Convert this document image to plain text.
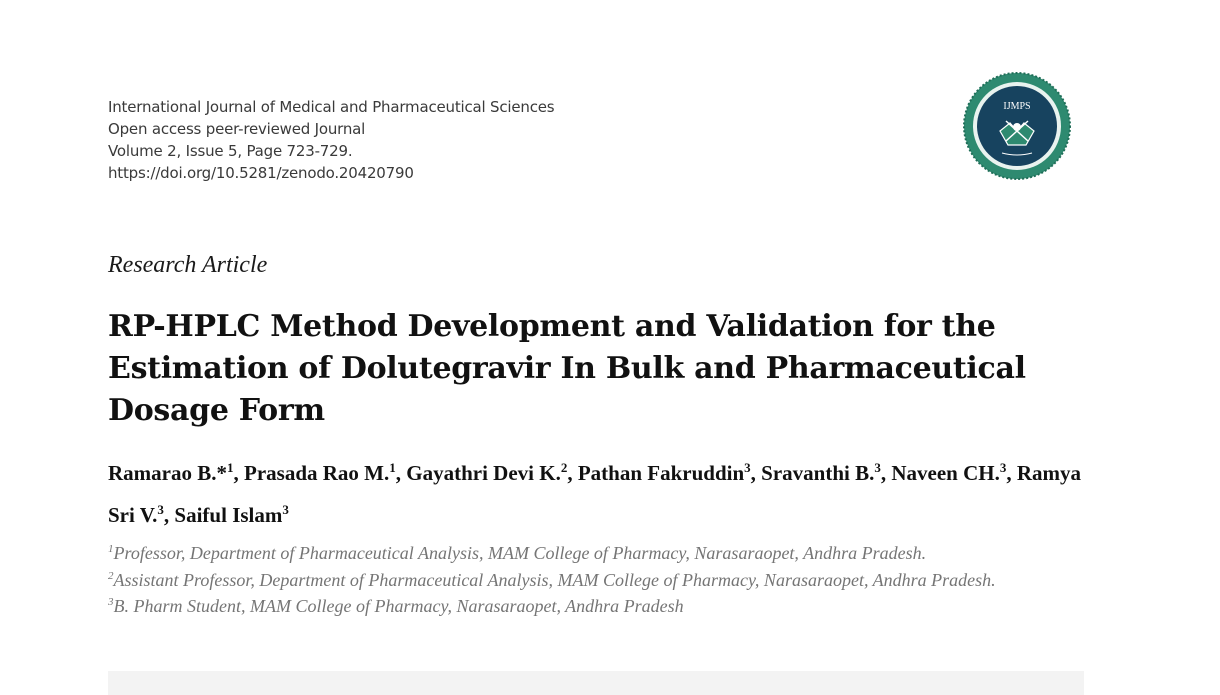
International Journal of Medical and Pharmaceutical Sciences
Open access peer-reviewed Journal
Volume 2, Issue 5, Page 723-729.
https://doi.org/10.5281/zenodo.20420790
IJMPS
Research Article
RP-HPLC Method Development and Validation for the Estimation of Dolutegravir In Bulk and Pharmaceutical Dosage Form
Ramarao B.*$^1$, Prasada Rao M.$^1$, Gayathri Devi K.$^2$, Pathan Fakruddin$^3$, Sravanthi B.$^3$, Naveen CH.$^3$, Ramya Sri V.$^3$, Saiful Islam$^3$
$^1$Professor, Department of Pharmaceutical Analysis, MAM College of Pharmacy, Narasaraopet, Andhra Pradesh.
$^2$Assistant Professor, Department of Pharmaceutical Analysis, MAM College of Pharmacy, Narasaraopet, Andhra Pradesh.
$^3$B. Pharm Student, MAM College of Pharmacy, Narasaraopet, Andhra Pradesh
